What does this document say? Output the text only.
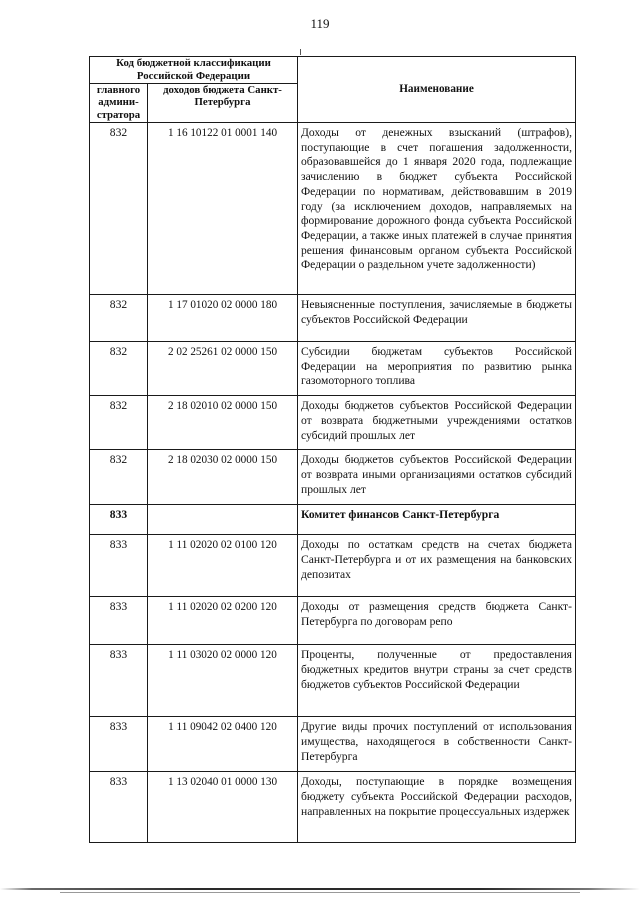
119
Код бюджетной классификации Российской Федерации		Наименование
главного админи-стратора	доходов бюджета Санкт-Петербурга	
832	1 16 10122 01 0001 140	Доходы от денежных взысканий (штрафов), поступающие в счет погашения задолженности, образовавшейся до 1 января 2020 года, подлежащие зачислению в бюджет субъекта Российской Федерации по нормативам, действовавшим в 2019 году (за исключением доходов, направляемых на формирование дорожного фонда субъекта Российской Федерации, а также иных платежей в случае принятия решения финансовым органом субъекта Российской Федерации о раздельном учете задолженности)
832	1 17 01020 02 0000 180	Невыясненные поступления, зачисляемые в бюджеты субъектов Российской Федерации
832	2 02 25261 02 0000 150	Субсидии бюджетам субъектов Российской Федерации на мероприятия по развитию рынка газомоторного топлива
832	2 18 02010 02 0000 150	Доходы бюджетов субъектов Российской Федерации от возврата бюджетными учреждениями остатков субсидий прошлых лет
832	2 18 02030 02 0000 150	Доходы бюджетов субъектов Российской Федерации от возврата иными организациями остатков субсидий прошлых лет
833		Комитет финансов Санкт-Петербурга
833	1 11 02020 02 0100 120	Доходы по остаткам средств на счетах бюджета Санкт-Петербурга и от их размещения на банковских депозитах
833	1 11 02020 02 0200 120	Доходы от размещения средств бюджета Санкт-Петербурга по договорам репо
833	1 11 03020 02 0000 120	Проценты, полученные от предоставления бюджетных кредитов внутри страны за счет средств бюджетов субъектов Российской Федерации
833	1 11 09042 02 0400 120	Другие виды прочих поступлений от использования имущества, находящегося в собственности Санкт-Петербурга
833	1 13 02040 01 0000 130	Доходы, поступающие в порядке возмещения бюджету субъекта Российской Федерации расходов, направленных на покрытие процессуальных издержек
